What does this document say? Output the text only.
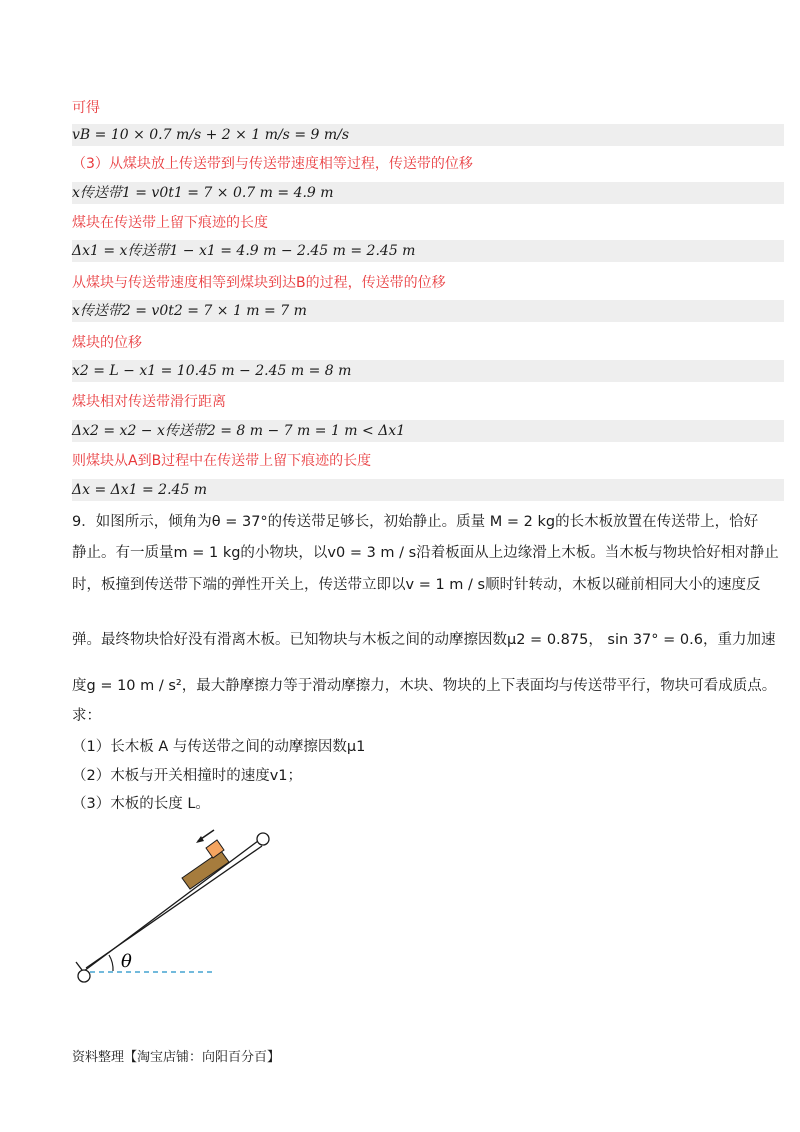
可得
vB = 10 × 0.7 m/s + 2 × 1 m/s = 9 m/s
（3）从煤块放上传送带到与传送带速度相等过程，传送带的位移
x传送带1 = v0t1 = 7 × 0.7 m = 4.9 m
煤块在传送带上留下痕迹的长度
Δx1 = x传送带1 − x1 = 4.9 m − 2.45 m = 2.45 m
从煤块与传送带速度相等到煤块到达B的过程，传送带的位移
x传送带2 = v0t2 = 7 × 1 m = 7 m
煤块的位移
x2 = L − x1 = 10.45 m − 2.45 m = 8 m
煤块相对传送带滑行距离
Δx2 = x2 − x传送带2 = 8 m − 7 m = 1 m < Δx1
则煤块从A到B过程中在传送带上留下痕迹的长度
Δx = Δx1 = 2.45 m
9．如图所示，倾角为θ = 37°的传送带足够长，初始静止。质量 M = 2 kg的长木板放置在传送带上，恰好
静止。有一质量m = 1 kg的小物块，以v0 = 3 m / s沿着板面从上边缘滑上木板。当木板与物块恰好相对静止
时，板撞到传送带下端的弹性开关上，传送带立即以v = 1 m / s顺时针转动，木板以碰前相同大小的速度反
弹。最终物块恰好没有滑离木板。已知物块与木板之间的动摩擦因数μ2 = 0.875， sin 37° = 0.6，重力加速
度g = 10 m / s²，最大静摩擦力等于滑动摩擦力，木块、物块的上下表面均与传送带平行，物块可看成质点。
求：
（1）长木板 A 与传送带之间的动摩擦因数μ1
（2）木板与开关相撞时的速度v1；
（3）木板的长度 L。
θ
资料整理【淘宝店铺：向阳百分百】
